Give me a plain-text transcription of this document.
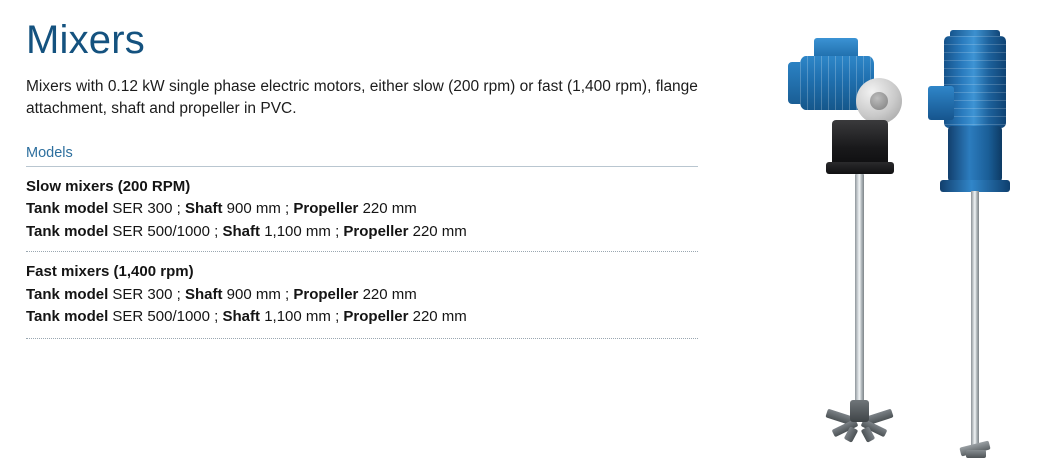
Mixers

Mixers with 0.12 kW single phase electric motors, either slow (200 rpm) or fast (1,400 rpm), flange attachment, shaft and propeller in PVC.

Models
Slow mixers (200 RPM)
Tank model SER 300 ; Shaft 900 mm ; Propeller 220 mm
Tank model SER 500/1000 ; Shaft 1,100 mm ; Propeller 220 mm
Fast mixers (1,400 rpm)
Tank model SER 300 ; Shaft 900 mm ; Propeller 220 mm
Tank model SER 500/1000 ; Shaft 1,100 mm ; Propeller 220 mm
